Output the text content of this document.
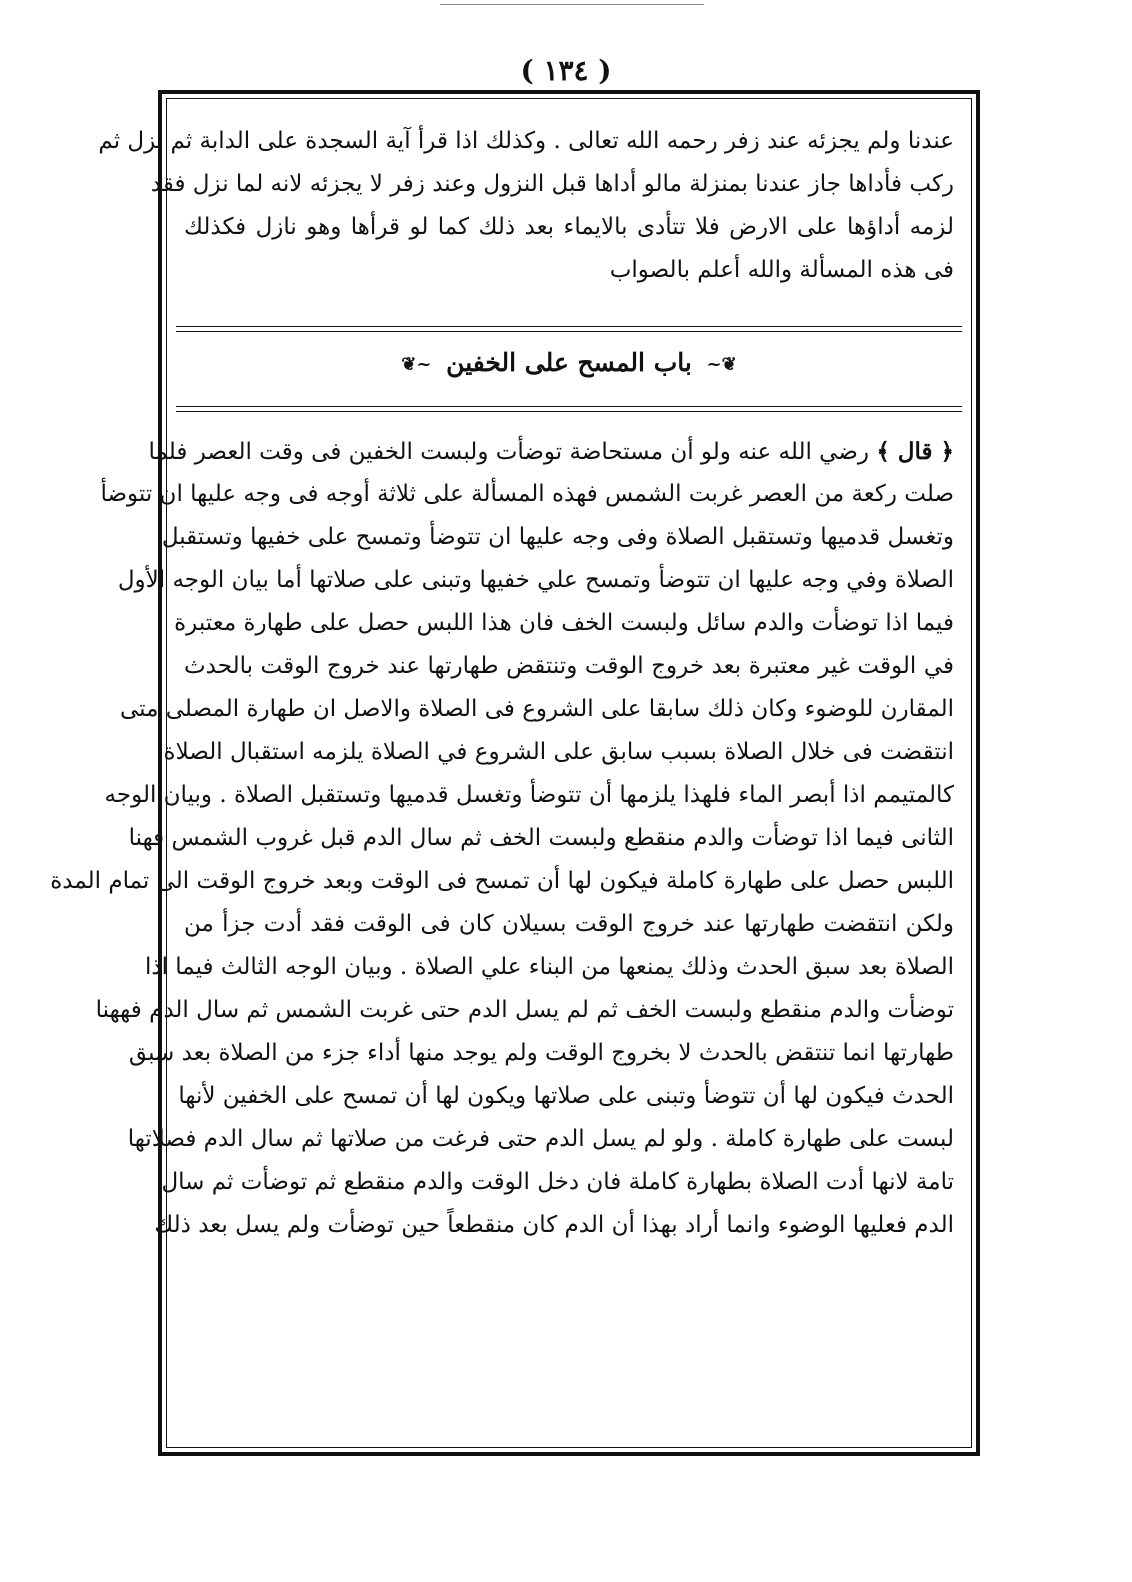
( ١٣٤ )
عندنا ولم يجزئه عند زفر رحمه الله تعالى . وكذلك اذا قرأ آية السجدة على الدابة ثم نزل ثم
ركب فأداها جاز عندنا بمنزلة مالو أداها قبل النزول وعند زفر لا يجزئه لانه لما نزل فقد
لزمه أداؤها على الارض فلا تتأدى بالايماء بعد ذلك كما لو قرأها وهو نازل فكذلك
فى هذه المسألة والله أعلم بالصواب
❦~ باب المسح على الخفين ~❦
﴿ قال ﴾ رضي الله عنه ولو أن مستحاضة توضأت ولبست الخفين فى وقت العصر فلما
صلت ركعة من العصر غربت الشمس فهذه المسألة على ثلاثة أوجه فى وجه عليها ان تتوضأ
وتغسل قدميها وتستقبل الصلاة وفى وجه عليها ان تتوضأ وتمسح على خفيها وتستقبل
الصلاة وفي وجه عليها ان تتوضأ وتمسح علي خفيها وتبنى على صلاتها أما بيان الوجه الأول
فيما اذا توضأت والدم سائل ولبست الخف فان هذا اللبس حصل على طهارة معتبرة
في الوقت غير معتبرة بعد خروج الوقت وتنتقض طهارتها عند خروج الوقت بالحدث
المقارن للوضوء وكان ذلك سابقا على الشروع فى الصلاة والاصل ان طهارة المصلى متى
انتقضت فى خلال الصلاة بسبب سابق على الشروع في الصلاة يلزمه استقبال الصلاة
كالمتيمم اذا أبصر الماء فلهذا يلزمها أن تتوضأ وتغسل قدميها وتستقبل الصلاة . وبيان الوجه
الثانى فيما اذا توضأت والدم منقطع ولبست الخف ثم سال الدم قبل غروب الشمس فهنا
اللبس حصل على طهارة كاملة فيكون لها أن تمسح فى الوقت وبعد خروج الوقت الى تمام المدة
ولكن انتقضت طهارتها عند خروج الوقت بسيلان كان فى الوقت فقد أدت جزأ من
الصلاة بعد سبق الحدث وذلك يمنعها من البناء علي الصلاة . وبيان الوجه الثالث فيما اذا
توضأت والدم منقطع ولبست الخف ثم لم يسل الدم حتى غربت الشمس ثم سال الدم فههنا
طهارتها انما تنتقض بالحدث لا بخروج الوقت ولم يوجد منها أداء جزء من الصلاة بعد سبق
الحدث فيكون لها أن تتوضأ وتبنى على صلاتها ويكون لها أن تمسح على الخفين لأنها
لبست على طهارة كاملة . ولو لم يسل الدم حتى فرغت من صلاتها ثم سال الدم فصلاتها
تامة لانها أدت الصلاة بطهارة كاملة فان دخل الوقت والدم منقطع ثم توضأت ثم سال
الدم فعليها الوضوء وانما أراد بهذا أن الدم كان منقطعاً حين توضأت ولم يسل بعد ذلك
